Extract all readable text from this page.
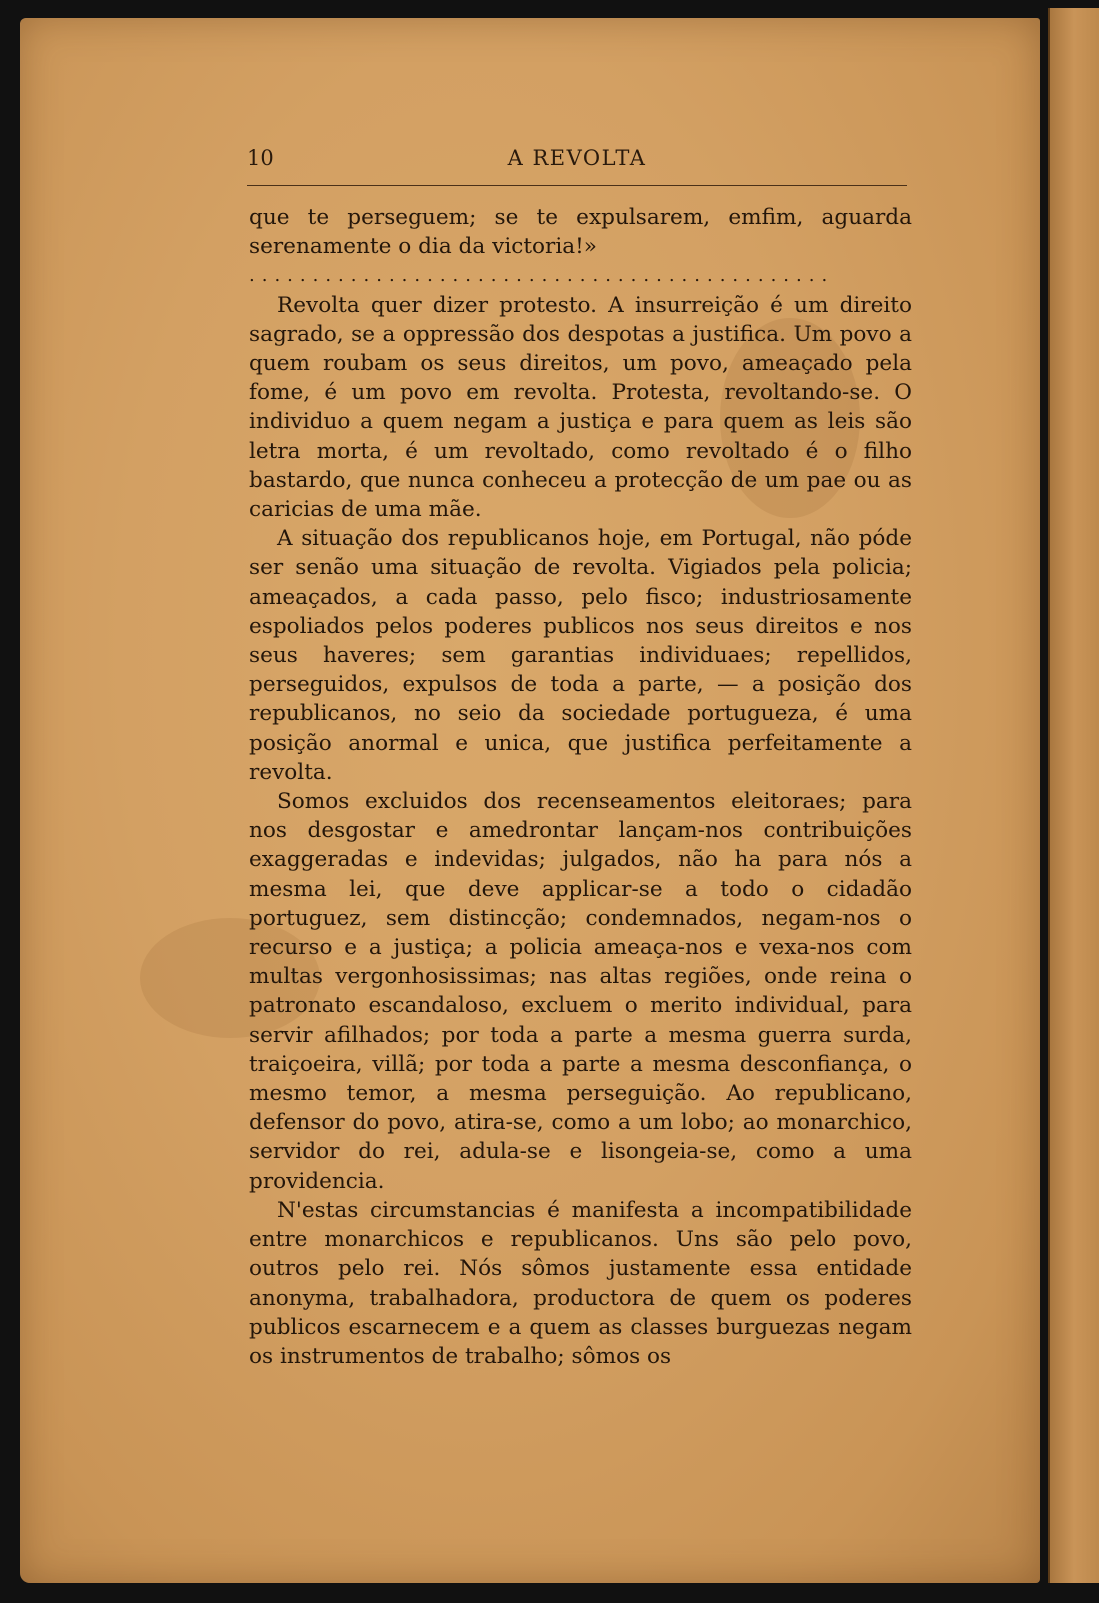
10	A REVOLTA

que te perseguem; se te expulsarem, emfim, aguarda serenamente o dia da victoria!»

..............................................

Revolta quer dizer protesto. A insurreição é um direito sagrado, se a oppressão dos despotas a justifica. Um povo a quem roubam os seus direitos, um povo, ameaçado pela fome, é um povo em revolta. Protesta, revoltando-se. O individuo a quem negam a justiça e para quem as leis são letra morta, é um revoltado, como revoltado é o filho bastardo, que nunca conheceu a protecção de um pae ou as caricias de uma mãe.

A situação dos republicanos hoje, em Portugal, não póde ser senão uma situação de revolta. Vigiados pela policia; ameaçados, a cada passo, pelo fisco; industriosamente espoliados pelos poderes publicos nos seus direitos e nos seus haveres; sem garantias individuaes; repellidos, perseguidos, expulsos de toda a parte, — a posição dos republicanos, no seio da sociedade portugueza, é uma posição anormal e unica, que justifica perfeitamente a revolta.

Somos excluidos dos recenseamentos eleitoraes; para nos desgostar e amedrontar lançam-nos contribuições exaggeradas e indevidas; julgados, não ha para nós a mesma lei, que deve applicar-se a todo o cidadão portuguez, sem distincção; condemnados, negam-nos o recurso e a justiça; a policia ameaça-nos e vexa-nos com multas vergonhosissimas; nas altas regiões, onde reina o patronato escandaloso, excluem o merito individual, para servir afilhados; por toda a parte a mesma guerra surda, traiçoeira, villã; por toda a parte a mesma desconfiança, o mesmo temor, a mesma perseguição. Ao republicano, defensor do povo, atira-se, como a um lobo; ao monarchico, servidor do rei, adula-se e lisongeia-se, como a uma providencia.

N'estas circumstancias é manifesta a incompatibilidade entre monarchicos e republicanos. Uns são pelo povo, outros pelo rei. Nós sômos justamente essa entidade anonyma, trabalhadora, productora de quem os poderes publicos escarnecem e a quem as classes burguezas negam os instrumentos de trabalho; sômos os
